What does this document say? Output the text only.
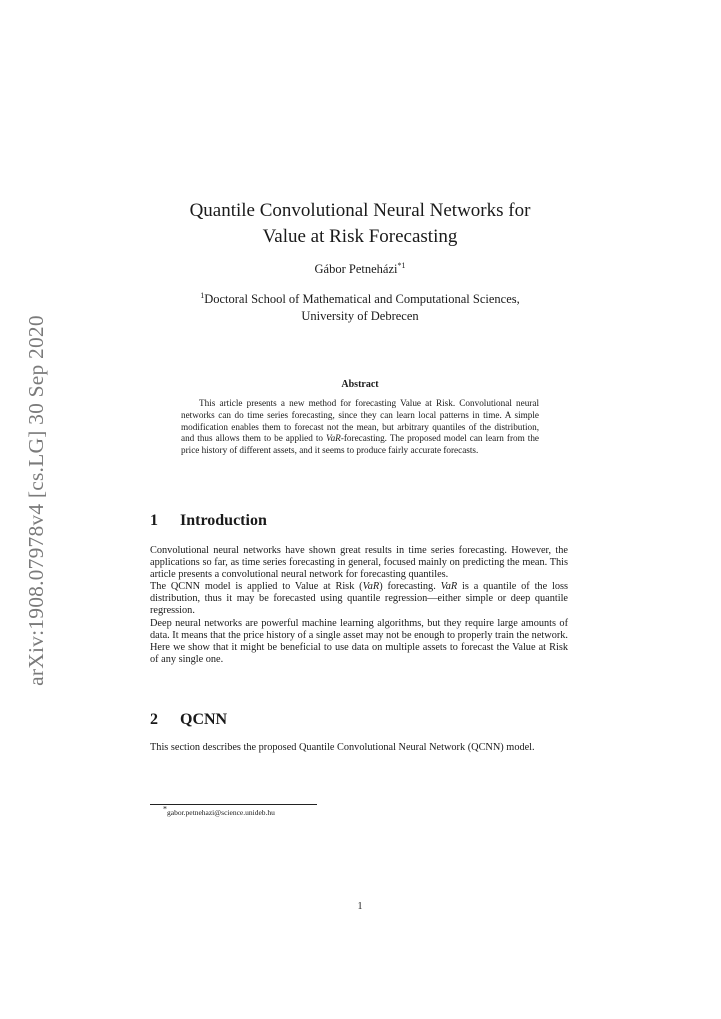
arXiv:1908.07978v4 [cs.LG] 30 Sep 2020
Quantile Convolutional Neural Networks for
Value at Risk Forecasting
Gábor Petneházi$^{*1}$
$^1$Doctoral School of Mathematical and Computational Sciences,
University of Debrecen
Abstract
This article presents a new method for forecasting Value at Risk. Convolutional neural networks can do time series forecasting, since they can learn local patterns in time. A simple modification enables them to forecast not the mean, but arbitrary quantiles of the distribution, and thus allows them to be applied to VaR-forecasting. The proposed model can learn from the price history of different assets, and it seems to produce fairly accurate forecasts.
1 Introduction

Convolutional neural networks have shown great results in time series forecasting. However, the applications so far, as time series forecasting in general, focused mainly on predicting the mean. This article presents a convolutional neural network for forecasting quantiles.

The QCNN model is applied to Value at Risk (VaR) forecasting. VaR is a quantile of the loss distribution, thus it may be forecasted using quantile regression—either simple or deep quantile regression.

Deep neural networks are powerful machine learning algorithms, but they require large amounts of data. It means that the price history of a single asset may not be enough to properly train the network. Here we show that it might be beneficial to use data on multiple assets to forecast the Value at Risk of any single one.

2 QCNN

This section describes the proposed Quantile Convolutional Neural Network (QCNN) model.

*gabor.petnehazi@science.unideb.hu
1
